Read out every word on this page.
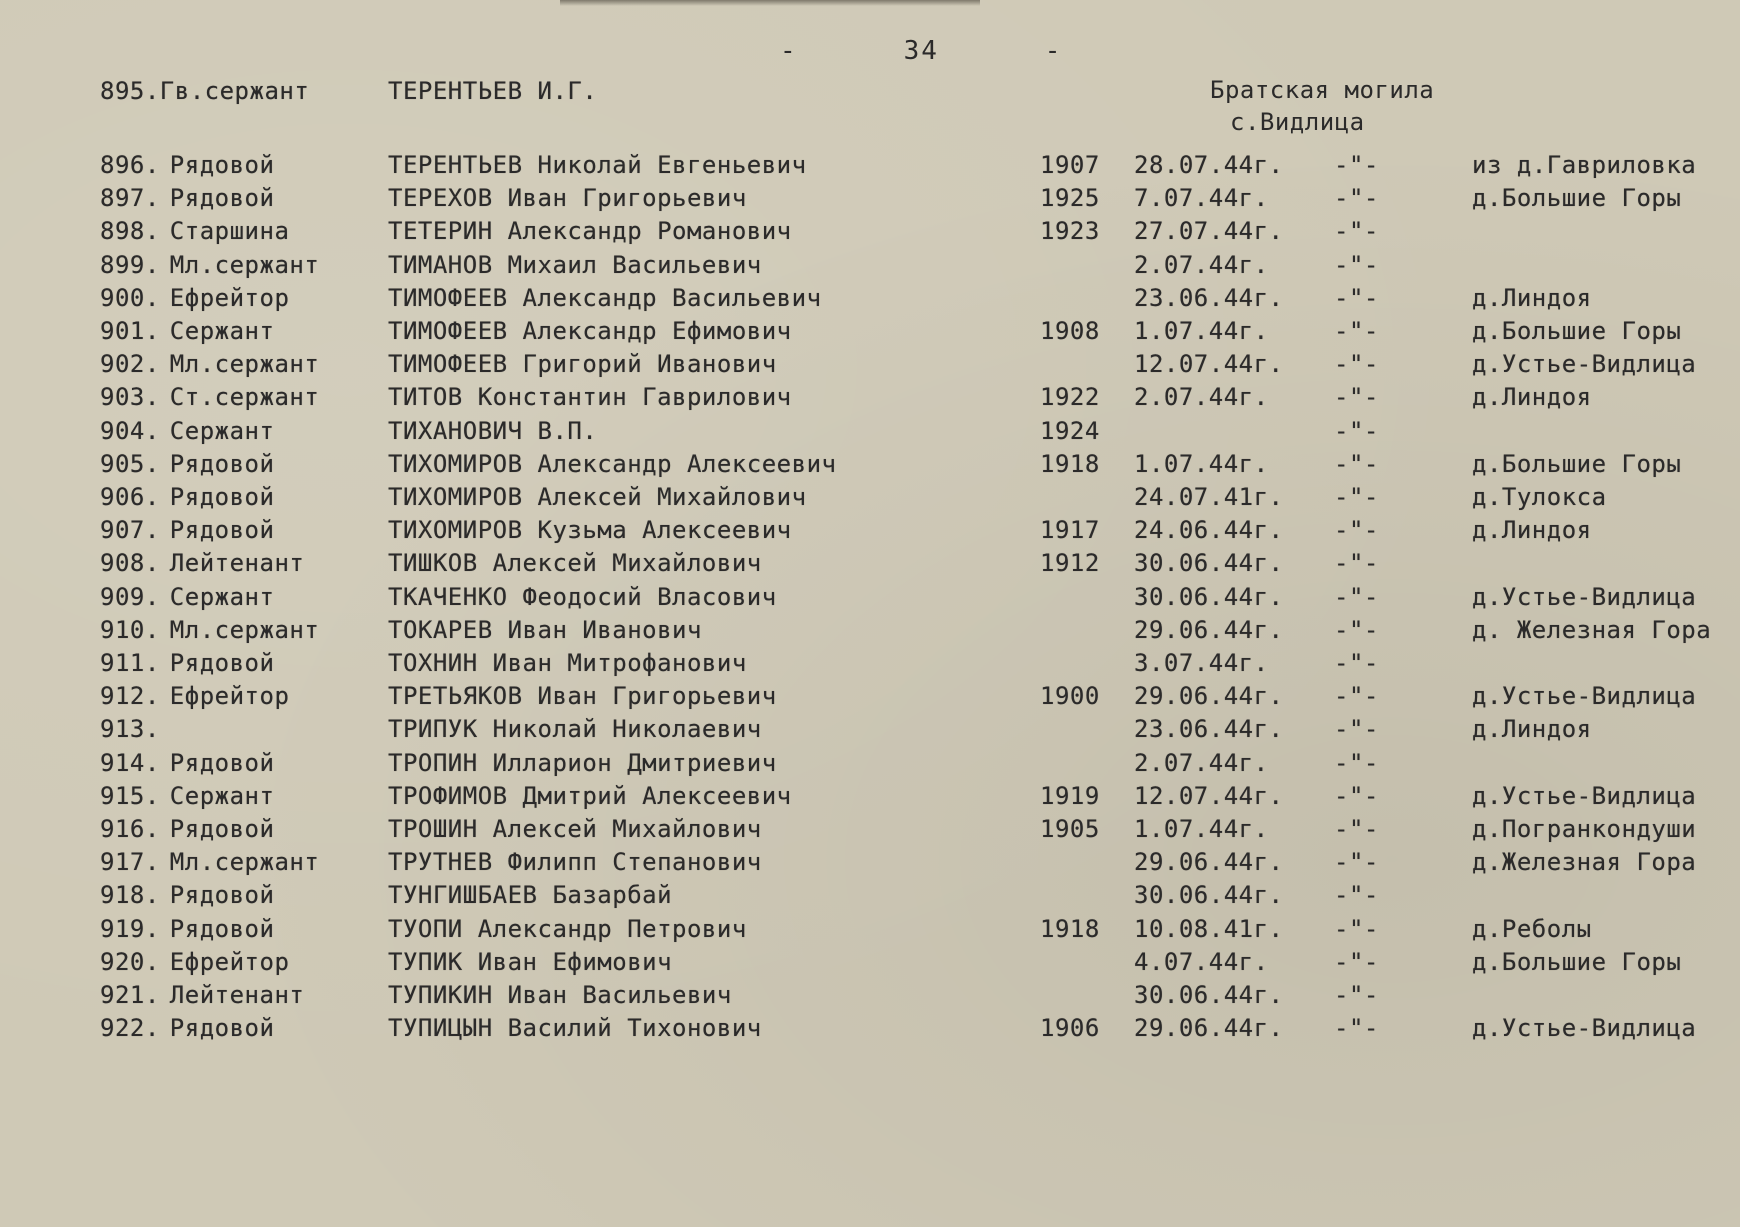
-      34      -
895.Гв.сержант	ТЕРЕНТЬЕВ И.Г.	Братская могила
с.Видлица
896. Рядовой	ТЕРЕНТЬЕВ Николай Евгеньевич	1907	28.07.44г.	-"-	из д.Гавриловка
897. Рядовой	ТЕРЕХОВ Иван Григорьевич	1925	7.07.44г.	-"-	д.Большие Горы
898. Старшина	ТЕТЕРИН Александр Романович	1923	27.07.44г.	-"-
899. Мл.сержант	ТИМАНОВ Михаил Васильевич	2.07.44г.	-"-
900. Ефрейтор	ТИМОФЕЕВ Александр Васильевич	23.06.44г.	-"-	д.Линдоя
901. Сержант	ТИМОФЕЕВ Александр Ефимович	1908	1.07.44г.	-"-	д.Большие Горы
902. Мл.сержант	ТИМОФЕЕВ Григорий Иванович	12.07.44г.	-"-	д.Устье-Видлица
903. Ст.сержант	ТИТОВ Константин Гаврилович	1922	2.07.44г.	-"-	д.Линдоя
904. Сержант	ТИХАНОВИЧ В.П.	1924	-"-
905. Рядовой	ТИХОМИРОВ Александр Алексеевич	1918	1.07.44г.	-"-	д.Большие Горы
906. Рядовой	ТИХОМИРОВ Алексей Михайлович	24.07.41г.	-"-	д.Тулокса
907. Рядовой	ТИХОМИРОВ Кузьма Алексеевич	1917	24.06.44г.	-"-	д.Линдоя
908. Лейтенант	ТИШКОВ Алексей Михайлович	1912	30.06.44г.	-"-
909. Сержант	ТКАЧЕНКО Феодосий Власович	30.06.44г.	-"-	д.Устье-Видлица
910. Мл.сержант	ТОКАРЕВ Иван Иванович	29.06.44г.	-"-	д. Железная Гора
911. Рядовой	ТОХНИН Иван Митрофанович	3.07.44г.	-"-
912. Ефрейтор	ТРЕТЬЯКОВ Иван Григорьевич	1900	29.06.44г.	-"-	д.Устье-Видлица
913.	ТРИПУК Николай Николаевич	23.06.44г.	-"-	д.Линдоя
914. Рядовой	ТРОПИН Илларион Дмитриевич	2.07.44г.	-"-
915. Сержант	ТРОФИМОВ Дмитрий Алексеевич	1919	12.07.44г.	-"-	д.Устье-Видлица
916. Рядовой	ТРОШИН Алексей Михайлович	1905	1.07.44г.	-"-	д.Погранкондуши
917. Мл.сержант	ТРУТНЕВ Филипп Степанович	29.06.44г.	-"-	д.Железная Гора
918. Рядовой	ТУНГИШБАЕВ Базарбай	30.06.44г.	-"-
919. Рядовой	ТУОПИ Александр Петрович	1918	10.08.41г.	-"-	д.Реболы
920. Ефрейтор	ТУПИК Иван Ефимович	4.07.44г.	-"-	д.Большие Горы
921. Лейтенант	ТУПИКИН Иван Васильевич	30.06.44г.	-"-
922. Рядовой	ТУПИЦЫН Василий Тихонович	1906	29.06.44г.	-"-	д.Устье-Видлица
